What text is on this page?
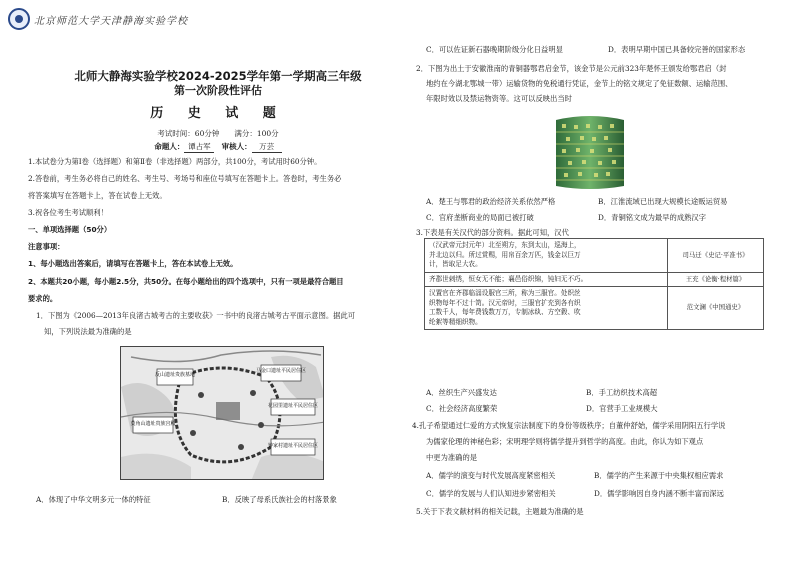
北京师范大学天津静海实验学校
北师大静海实验学校2024-2025学年第一学期高三年级
第一次阶段性评估
历 史 试 题
考试时间：60分钟　　满分：100分
命题人： 谭占军 审核人： 万芸
1.本试卷分为第Ⅰ卷（选择题）和第Ⅱ卷（非选择题）两部分，共100分，考试用时60分钟。
2.答卷前，考生务必将自己的姓名、考生号、考场号和座位号填写在答题卡上。答卷时，考生务必
将答案填写在答题卡上，答在试卷上无效。
3.祝各位考生考试顺利！
一、单项选择题（50分）
注意事项：
1、每小题选出答案后，请填写在答题卡上，答在本试卷上无效。
2、本题共20小题，每小题2.5分，共50分。在每小题给出的四个选项中，只有一项是最符合题目
要求的。
1．下图为《2006—2013年良渚古城考古的主要收获》一书中的良渚古城考古平面示意图。据此可
知，下列说法最为准确的是
反山遗址贵族墓地
马金口遗址平民居住区
花园里遗址平民居住区
莫角山遗址贵族宫殿
钟家村遗址平民居住区
A．体现了中华文明多元一体的特征	B．反映了母系氏族社会的村落景象
C．可以佐证新石器晚期阶级分化日益明显	D．表明早期中国已具备较完善的国家形态
2．下图为出土于安徽淮南的青铜器鄂君启金节，该金节是公元前323年楚怀王颁发给鄂君启（封
地约在今湖北鄂城一带）运输货物的免税通行凭证，金节上的铭文规定了免征数额、运输范围、
年限时效以及禁运物资等。这可以反映出当时
A．楚王与鄂君的政治经济关系依然严格	B．江淮流域已出现大规模长途贩运贸易
C．官府垄断商业的局面已被打破	D．青铜铭文成为最早的成熟汉字
3.下表是有关汉代的部分资料。据此可知，汉代
（汉武帝元封元年）北至朔方，东到太山，巡海上，
并北边以归。所过赏赐，用帛百余万匹，钱金以巨万
计，皆取足大农。	司马迁《史记·平准书》

齐郡世刺绣，恒女无不能；襄邑俗织锦，钝妇无不巧。	王充《论衡·程材篇》

汉置官在齐郡临淄设服官三所，称为三服官。处织丝
织物每年不过十笥。汉元帝时，三服官扩充到各有织
工数千人，每年费钱数万万，专制冰纨、方空縠、吹
纶絮等精细织物。	范文澜《中国通史》
A．丝织生产兴盛发达	B．手工纺织技术高超
C．社会经济高度繁荣	D．官营手工业规模大
4.孔子希望通过仁爱的方式恢复宗法制度下的身份等级秩序；自董仲舒始，儒学采用阴阳五行学说
为儒家伦理的神秘色彩；宋明理学则将儒学提升到哲学的高度。由此，你认为如下观点
中更为准确的是
A．儒学的演变与时代发展高度紧密相关	B．儒学的产生来源于中央集权相应需求
C．儒学的发展与人们认知进步紧密相关	D．儒学影响因自身内涵不断丰富而深远
5.关于下表文献材料的相关记载，主题最为准确的是
